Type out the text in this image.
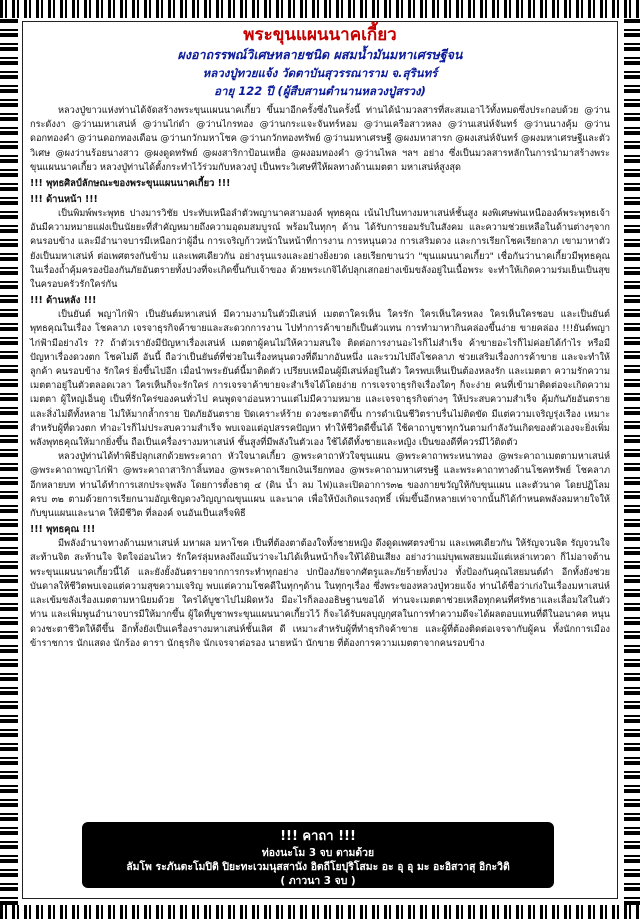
พระขุนแผนนาคเกี้ยว

ผงอาถรรพณ์วิเศษหลายชนิด ผสมน้ำมันมหาเศรษฐีจน

หลวงปู่ทวยแจ้ง วัดตาบันสุวรรณาราม จ.สุรินทร์

อายุ 122 ปี (ผู้สืบสานตำนานหลวงปู่สรวง)

หลวงปู่ขาวแห่งท่านได้จัดสร้างพระขุนแผนนาคเกี้ยว ขึ้นมาอีกครั้งซึ่งในครั้งนี้ ท่านได้นำมวลสารที่สะสมเอาไว้ทั้งหมดซึ่งประกอบด้วย @ว่านกระดังงา @ว่านมหาเสน่ห์ @ว่านไก่ดำ @ว่านไกรทอง @ว่านกระแจะจันทร์หอม @ว่านเครือสาวหลง @ว่านเสน่ห์จันทร์ @ว่านนางคุ้ม @ว่านดอกทองคำ @ว่านดอกทองเดือน @ว่านกวักมหาโชค @ว่านกวักทองทรัพย์ @ว่านมหาเศรษฐี @ผงมหาสารก @ผงเสน่ห์จันทร์ @ผงมหาเศรษฐีและตัววิเศษ @ผงว่านร้อยนางสาว @ผงดูดทรัพย์ @ผงสาริกาป้อนเหยื่อ @ผงอมทองคำ @ว่านไพล ฯลฯ อย่าง ซึ่งเป็นมวลสารหลักในการนำมาสร้างพระขุนแผนนาคเกี้ยว หลวงปู่ท่านได้ตั้งกระทำไว้ร่วมกับหลวงปู่ เป็นพระวิเศษที่ให้ผลทางด้านเมตตา มหาเสน่ห์สูงสุด

!!! พุทธศิลป์ลักษณะของพระขุนแผนนาคเกี้ยว !!!

!!! ด้านหน้า !!!

เป็นพิมพ์พระพุทธ ปางมารวิชัย ประทับเหนือลำตัวพญานาคสามองค์ พุทธคุณ เน้นไปในทางมหาเสน่ห์ชั้นสูง ผงพิเศษพ่นเหนือองค์พระพุทธเจ้า อันมีความหมายแฝงเป็นนัยยะที่สำคัญหมายถึงความอุดมสมบูรณ์ พร้อมในทุกๆ ด้าน ได้รับการยอมรับในสังคม และความช่วยเหลือในด้านต่างๆจากคนรอบข้าง และมีอำนาจบารมีเหนือกว่าผู้อื่น การเจริญก้าวหน้าในหน้าที่การงาน การหนุนดวง การเสริมดวง และการเรียกโชคเรียกลาภ เขามาหาตัว ยังเป็นมหาเสน่ห์ ต่อเพศตรงกันข้าม และเพศเดียวกัน อย่างรุนแรงและอย่างยิ่งยวด เลยเรียกขานว่า "ขุนแผนนาคเกี้ยว" เชื่อกันว่านาคเกี้ยวมีพุทธคุณในเรื่องถ้ำคุ้มครองป้องกันภัยอันตรายทั้งปวงที่จะเกิดขึ้นกับเจ้าของ ด้วยพระเกจิได้ปลุกเสกอย่างเข้มขลังอยู่ในเนื้อพระ จะทำให้เกิดความร่มเย็นเป็นสุขในครอบครัวรักใคร่กัน

!!! ด้านหลัง !!!

เป็นยันต์ พญาไก่ฟ้า เป็นยันต์มหาเสน่ห์ มีความงามในตัวมีเสน่ห์ เมตตาใครเห็น ใครรัก ใครเห็นใครหลง ใครเห็นใครชอบ และเป็นยันต์พุทธคุณในเรื่อง โชคลาภ เจรจาธุรกิจค้าขายและสะดวกการงาน ไปทำการค้าขายก็เป็นตัวแทน การทำมาหากินคล่องขึ้นง่าย ขายคล่อง !!!ยันต์พญาไก่ฟ้ามีอย่างไร ?? ถ้าตัวเรายังมีปัญหาเรื่องเสน่ห์ เมตตาผู้คนไม่ให้ความสนใจ ติดต่อการงานอะไรก็ไม่สำเร็จ ค้าขายอะไรก็ไม่ค่อยได้กำไร หรือมีปัญหาเรื่องดวงตก โชคไม่ดี อันนี้ ถือว่าเป็นยันต์ที่ช่วยในเรื่องหนุนดวงที่ดีมากอันหนึ่ง และรวมไปถึงโชคลาภ ช่วยเสริมเรื่องการค้าขาย และจะทำให้ลูกค้า คนรอบข้าง รักใคร่ ยิ่งขึ้นไปอีก เมื่อนำพระยันต์นี้มาติดตัว เปรียบเหมือนผู้มีเสน่ห์อยู่ในตัว ใครพบเห็นเป็นต้องหลงรัก และเมตตา ความรักความเมตตาอยู่ในตัวตลอดเวลา ใครเห็นก็จะรักใคร่ การเจรจาค้าขายจะสำเร็จได้โดยง่าย การเจรจาธุรกิจเรื่องใดๆ ก็จะง่าย คนที่เข้ามาติดต่อจะเกิดความเมตตา ผู้ใหญ่เอ็นดู เป็นที่รักใคร่ของคนทั่วไป คนพูดจาอ่อนหวานแต่ไม่มีความหมาย และเจรจาธุรกิจต่างๆ ให้ประสบความสำเร็จ คุ้มกันภัยอันตราย และสิ่งไม่ดีทั้งหลาย ไม่ให้มากล้ำกราย ปิดภัยอันตราย ปิดเคราะห์ร้าย ดวงชะตาดีขึ้น การดำเนินชีวิตราบรื่นไม่ติดขัด มีแต่ความเจริญรุ่งเรือง เหมาะสำหรับผู้ที่ดวงตก ทำอะไรก็ไม่ประสบความสำเร็จ พบเจอแต่อุปสรรคปัญหา ทำให้ชีวิตดีขึ้นได้ ใช้คาถาบูชาทุกวันตามกำลังวันเกิดของตัวเองจะยิ่งเพิ่มพลังพุทธคุณให้มากยิ่งขึ้น ถือเป็นเครื่องรางมหาเสน่ห์ ชั้นสูงที่มีพลังในตัวเอง ใช้ได้ดีทั้งชายและหญิง เป็นของดีที่ควรมีไว้ติดตัว

หลวงปู่ท่านได้ทำพิธีปลุกเสกด้วยพระคาถา หัวใจนาคเกี้ยว @พระคาถาหัวใจขุนแผน @พระคาถาพระหนาทอง @พระคาถาเมตตามหาเสน่ห์ @พระคาถาพญาไก่ฟ้า @พระคาถาสาริกาลิ้นทอง @พระคาถาเรียกเงินเรียกทอง @พระคาถามหาเศรษฐี และพระคาถาทางด้านโชคทรัพย์ โชคลาภ อีกหลายบท ท่านได้ทำการเสกประจุพลัง โดยการตั้งธาตุ ๔ (ดิน น้ำ ลม ไฟ)และเปิดอาการ๓๒ ของกายขวัญให้กับขุนแผน และตัวนาค โดยปฏิโลมครบ ๓๒ ตามด้วยการเรียกนามอัญเชิญดวงวิญญาณขุนแผน และนาค เพื่อให้บังเกิดแรงฤทธิ์ เพิ่มขึ้นอีกหลายเท่าจากนั้นก็ได้กำหนดพลังลมหายใจให้กับขุนแผนและนาค ให้มีชีวิต ที่ลองค์ จนอันเป็นเสร็จพิธี

!!! พุทธคุณ !!!

มีพลังอำนาจทางด้านมหาเสน่ห์ มหาผล มหาโชค เป็นที่ต้องตาต้องใจทั้งชายหญิง ดึงดูดเพศตรงข้าม และเพศเดียวกัน ให้รัญจวนจิต รัญจวนใจ สะท้านจิต สะท้านใจ จิตใจอ่อนไหว รักใคร่ลุ่มหลงถึงแม้นว่าจะไม่ได้เห็นหน้าก็จะให้ได้ยินเสียง อย่างว่าแม่บุพเพสยมแม้แต่เหล่าเทวดา ก็ไม่อาจต้านพระขุนแผนนาคเกี้ยวนี้ได้ และยังยั้งอันตรายจากการกระทำทุกอย่าง ปกป้องภัยจากศัตรูและภัยร้ายทั้งปวง ทั้งป้องกันคุณไสยมนต์ดำ อีกทั้งยังช่วยบันดาลให้ชีวิตพบเจอแต่ความสุขความเจริญ พบแต่ความโชคดีในทุกๆด้าน ในทุกๆเรื่อง ซึ่งพระของหลวงปู่ทวยแจ้ง ท่านได้ชื่อว่าเก่งในเรื่องมหาเสน่ห์ และเข้มขลังเรื่องเมตตามหานิยมด้วย ใครได้บูชาไปไม่ผิดหวัง มีอะไรก็ลองอธิษฐานขอได้ ท่านจะเมตตาช่วยเหลือทุกคนที่ศรัทธาและเลื่อมใสในตัวท่าน และเพิ่มพูนอำนาจบารมีให้มากขึ้น ผู้ใดที่บูชาพระขุนแผนนาคเกี้ยวไว้ ก็จะได้รับผลบุญกุศลในการทำความดีจะได้ผลตอบแทนที่ดีในอนาคต หนุนดวงชะตาชีวิตให้ดีขึ้น อีกทั้งยังเป็นเครื่องรางมหาเสน่ห์ชั้นเลิศ ดี เหมาะสำหรับผู้ที่ทำธุรกิจค้าขาย และผู้ที่ต้องติดต่อเจรจากับผู้คน ทั้งนักการเมือง ข้าราชการ นักแสดง นักร้อง ดารา นักธุรกิจ นักเจรจาต่อรอง นายหน้า นักขาย ที่ต้องการความเมตตาจากคนรอบข้าง

!!! คาถา !!!
ท่องนะโม 3 จบ ตามด้วย
ลัมโพ ระภันตะโมปิติ ปิยะทะเวมนุสสานัง อิตถีโยปุริโสมะ อะ อุ อุ มะ อะอิสวาสุ อิกะวิติ
( ภาวนา 3 จบ )
